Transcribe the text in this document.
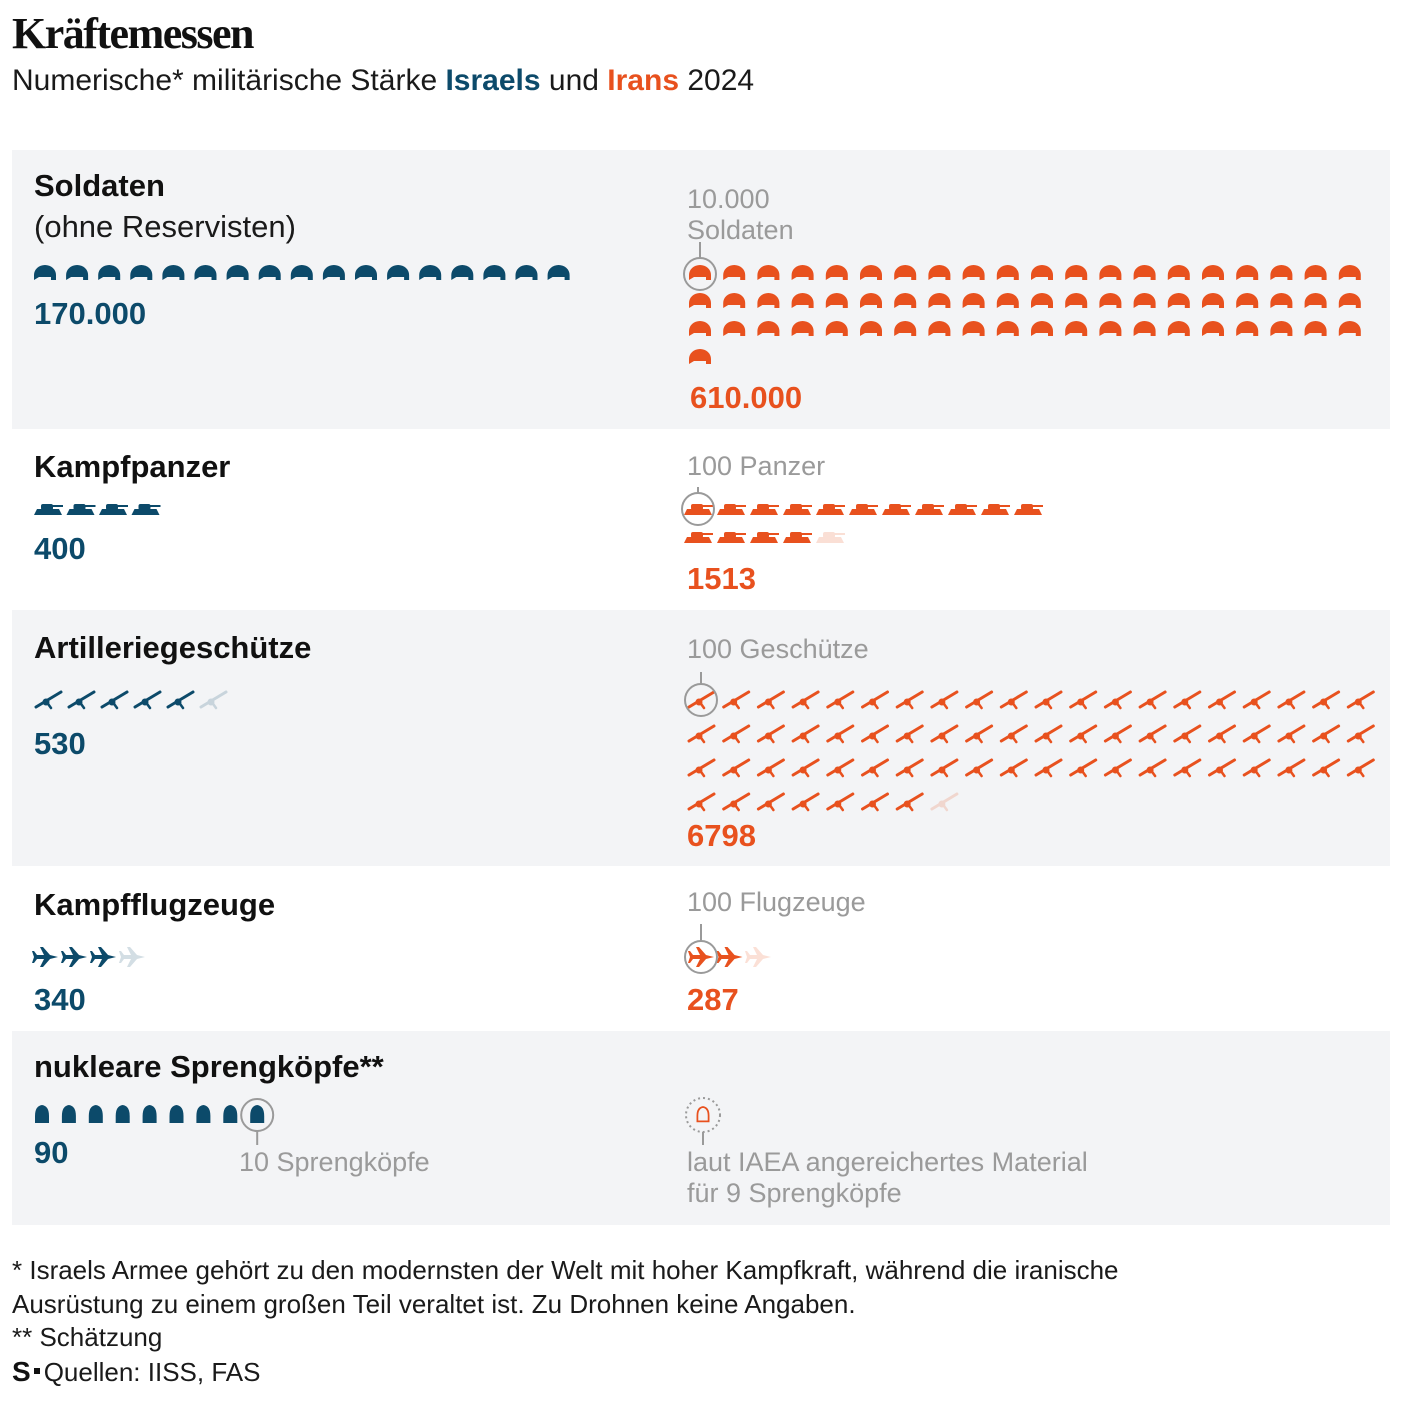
Kräftemessen
Numerische* militärische Stärke Israels und Irans 2024
Soldaten
(ohne Reservisten)
170.000
10.000
Soldaten
610.000
Kampfpanzer
400
100 Panzer
1513
Artilleriegeschütze
530
100 Geschütze
6798
Kampfflugzeuge
340
100 Flugzeuge
287
nukleare Sprengköpfe**
90	10 Sprengköpfe	laut IAEA angereichertes Material
für 9 Sprengköpfe
* Israels Armee gehört zu den modernsten der Welt mit hoher Kampfkraft, während die iranische
Ausrüstung zu einem großen Teil veraltet ist. Zu Drohnen keine Angaben.
** Schätzung
S Quellen: IISS, FAS
